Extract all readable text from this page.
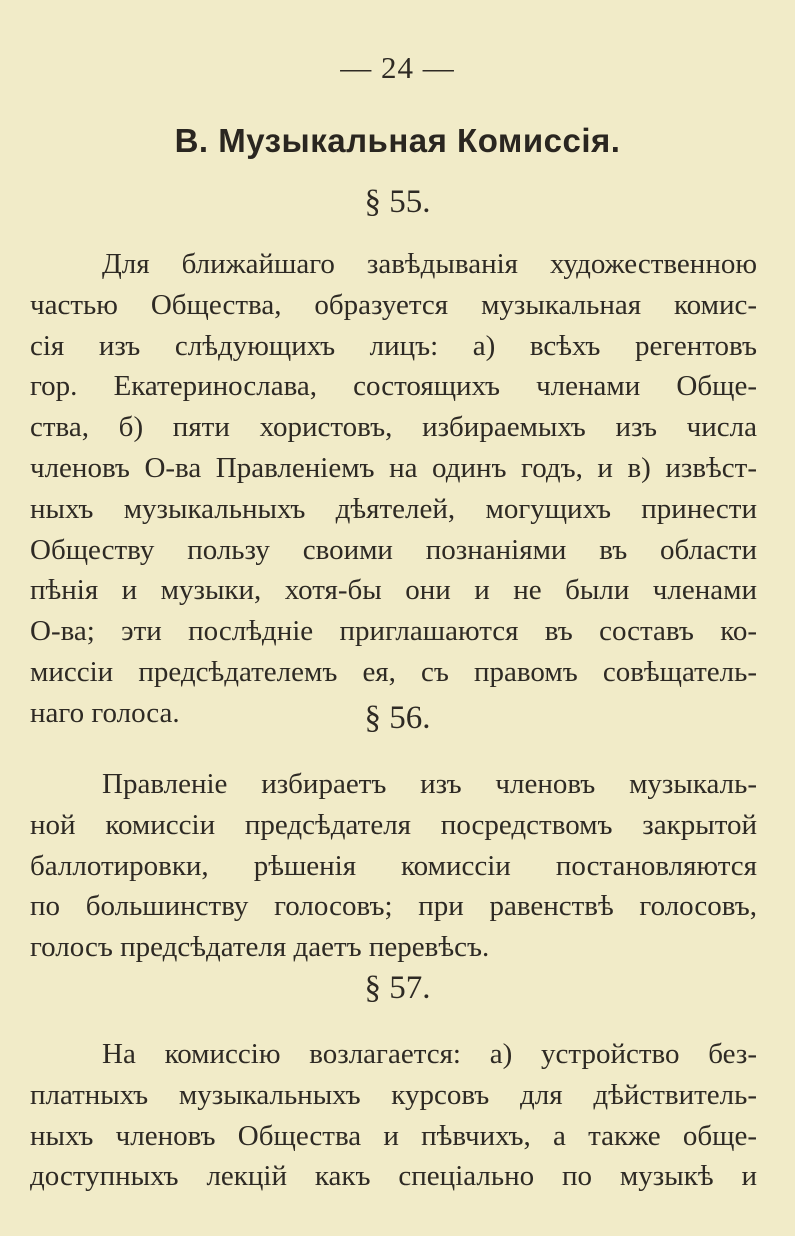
— 24 —
В. Музыкальная Комиссія.
§ 55.
Для ближайшаго завѣдыванія художественною
частью Общества, образуется музыкальная комис-
сія изъ слѣдующихъ лицъ: а) всѣхъ регентовъ
гор. Екатеринослава, состоящихъ членами Обще-
ства, б) пяти хористовъ, избираемыхъ изъ числа
членовъ О-ва Правленіемъ на одинъ годъ, и в) извѣст-
ныхъ музыкальныхъ дѣятелей, могущихъ принести
Обществу пользу своими познаніями въ области
пѣнія и музыки, хотя-бы они и не были членами
О-ва; эти послѣдніе приглашаются въ составъ ко-
миссіи предсѣдателемъ ея, съ правомъ совѣщатель-
наго голоса.	§ 56.
Правленіе избираетъ изъ членовъ музыкаль-
ной комиссіи предсѣдателя посредствомъ закрытой
баллотировки, рѣшенія комиссіи постановляются
по большинству голосовъ; при равенствѣ голосовъ,
голосъ предсѣдателя даетъ перевѣсъ.
§ 57.
На комиссію возлагается: а) устройство без-
платныхъ музыкальныхъ курсовъ для дѣйствитель-
ныхъ членовъ Общества и пѣвчихъ, а также обще-
доступныхъ лекцій какъ спеціально по музыкѣ и
